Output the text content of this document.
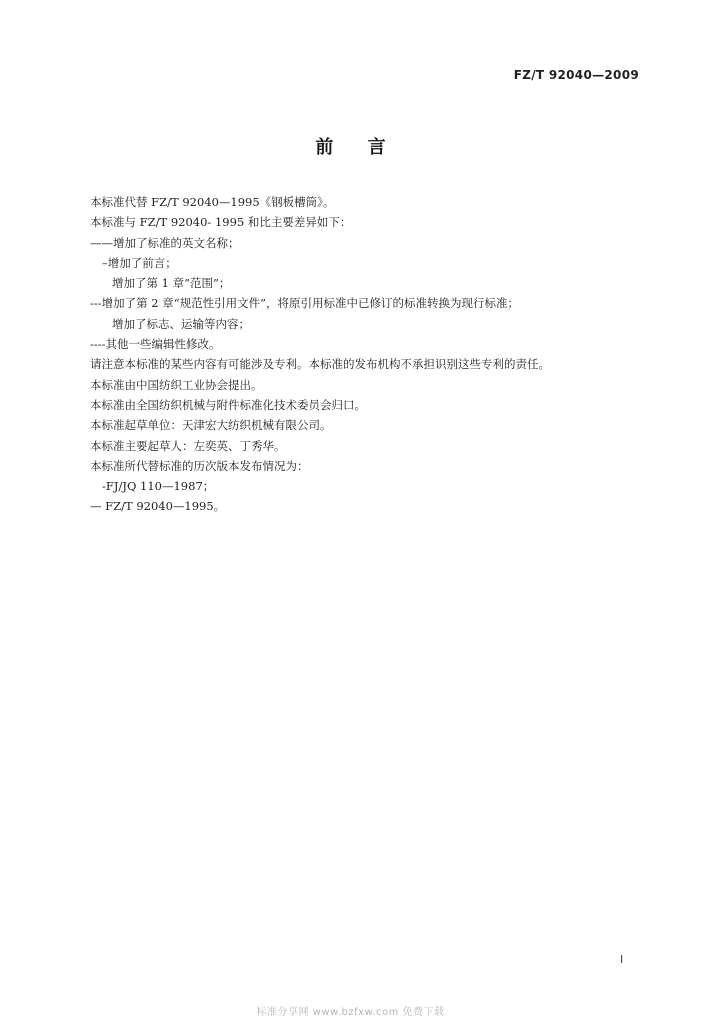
FZ/T 92040—2009
前 言
本标准代替 FZ/T 92040—1995《钢板槽筒》。
本标准与 FZ/T 92040- 1995 和比主要差异如下：
——增加了标准的英文名称；
–增加了前言；
增加了第 1 章“范围”；
---增加了第 2 章“规范性引用文件”，将原引用标准中已修订的标准转换为现行标准；
增加了标志、运输等内容；
----其他一些编辑性修改。
请注意本标准的某些内容有可能涉及专利。本标准的发布机构不承担识别这些专利的责任。
本标准由中国纺织工业协会提出。
本标准由全国纺织机械与附件标准化技术委员会归口。
本标准起草单位：天津宏大纺织机械有限公司。
本标准主要起草人：左奕英、丁秀华。
本标准所代替标准的历次版本发布情况为：
-FJ/JQ 110—1987；
— FZ/T 92040—1995。
I
标准分享网 www.bzfxw.com 免费下载
